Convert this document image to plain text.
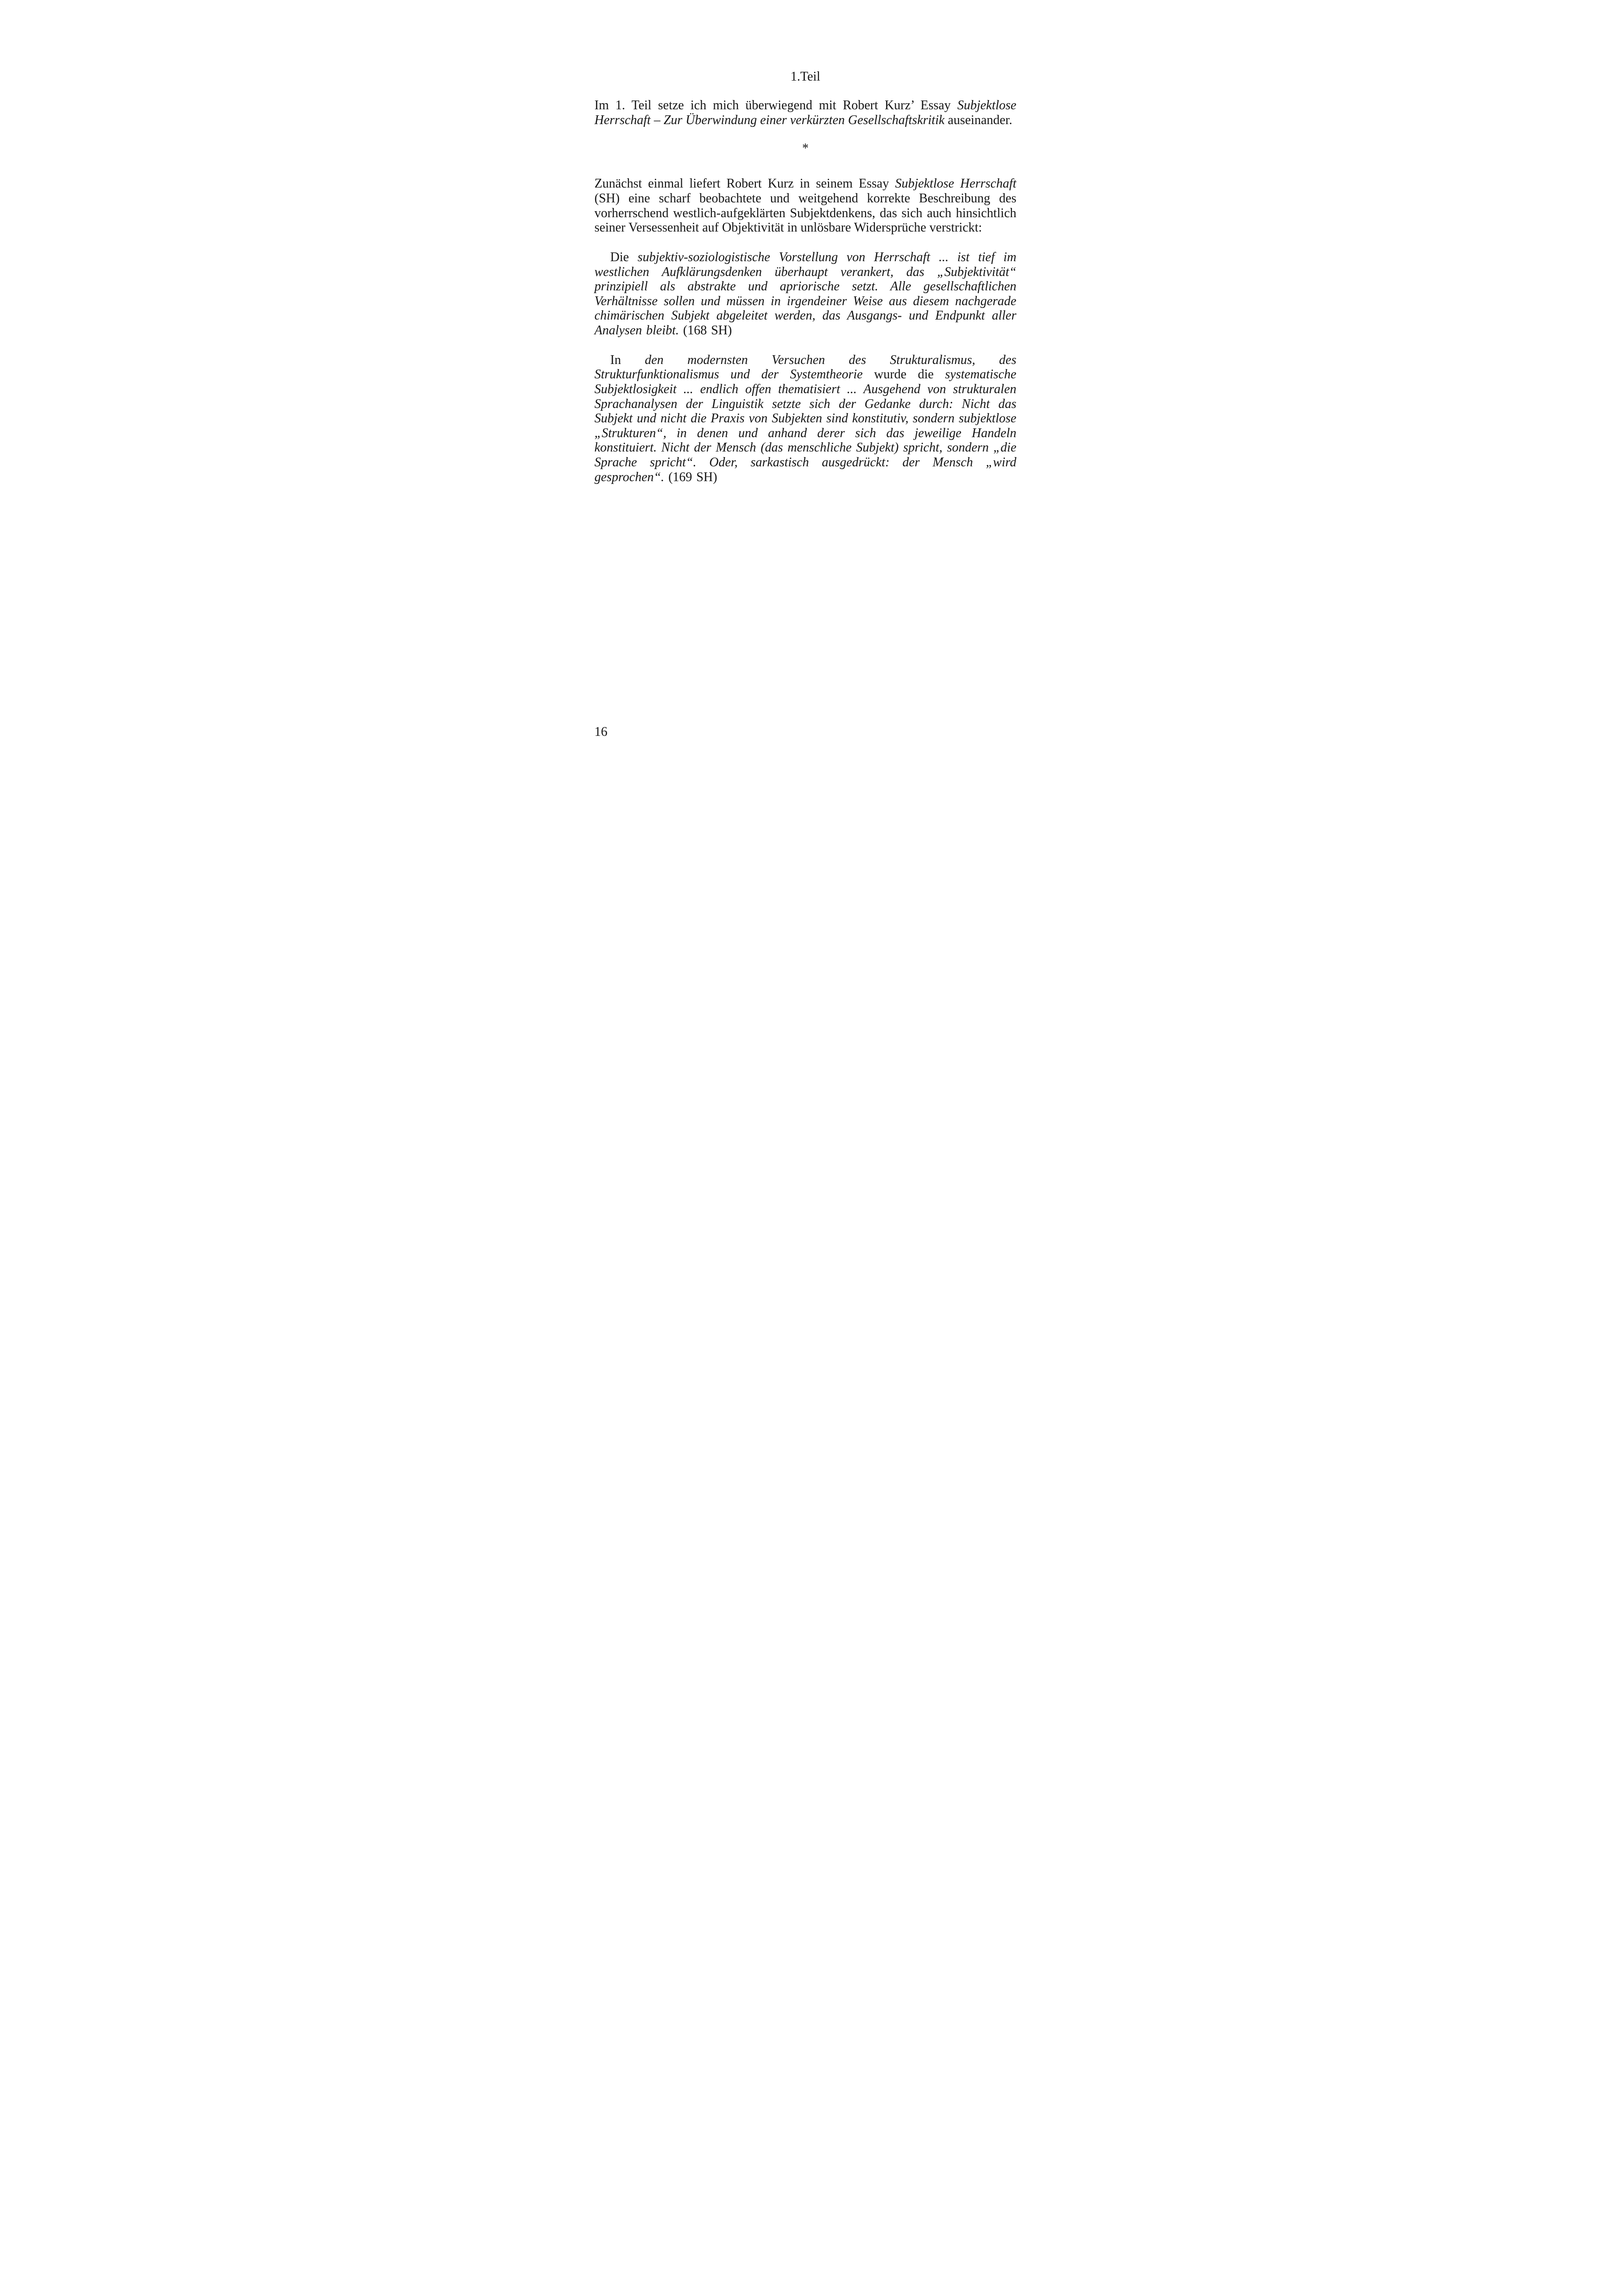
1.Teil

Im 1. Teil setze ich mich überwiegend mit Robert Kurz’ Essay Subjektlose Herrschaft – Zur Überwindung einer verkürzten Gesellschaftskritik auseinander.

*

Zunächst einmal liefert Robert Kurz in seinem Essay Subjektlose Herrschaft (SH) eine scharf beobachtete und weitgehend korrekte Beschreibung des vorherrschend westlich-aufgeklärten Subjektdenkens, das sich auch hinsichtlich seiner Versessenheit auf Objektivität in unlösbare Widersprüche verstrickt:

Die subjektiv-soziologistische Vorstellung von Herrschaft ... ist tief im westlichen Aufklärungsdenken überhaupt verankert, das „Subjektivität“ prinzipiell als abstrakte und apriorische setzt. Alle gesellschaftlichen Verhältnisse sollen und müssen in irgendeiner Weise aus diesem nachgerade chimärischen Subjekt abgeleitet werden, das Ausgangs- und Endpunkt aller Analysen bleibt. (168 SH)

In den modernsten Versuchen des Strukturalismus, des Strukturfunktionalismus und der Systemtheorie wurde die systematische Subjektlosigkeit ... endlich offen thematisiert ... Ausgehend von strukturalen Sprachanalysen der Linguistik setzte sich der Gedanke durch: Nicht das Subjekt und nicht die Praxis von Subjekten sind konstitutiv, sondern subjektlose „Strukturen“, in denen und anhand derer sich das jeweilige Handeln konstituiert. Nicht der Mensch (das menschliche Subjekt) spricht, sondern „die Sprache spricht“. Oder, sarkastisch ausgedrückt: der Mensch „wird gesprochen“. (169 SH)

16
